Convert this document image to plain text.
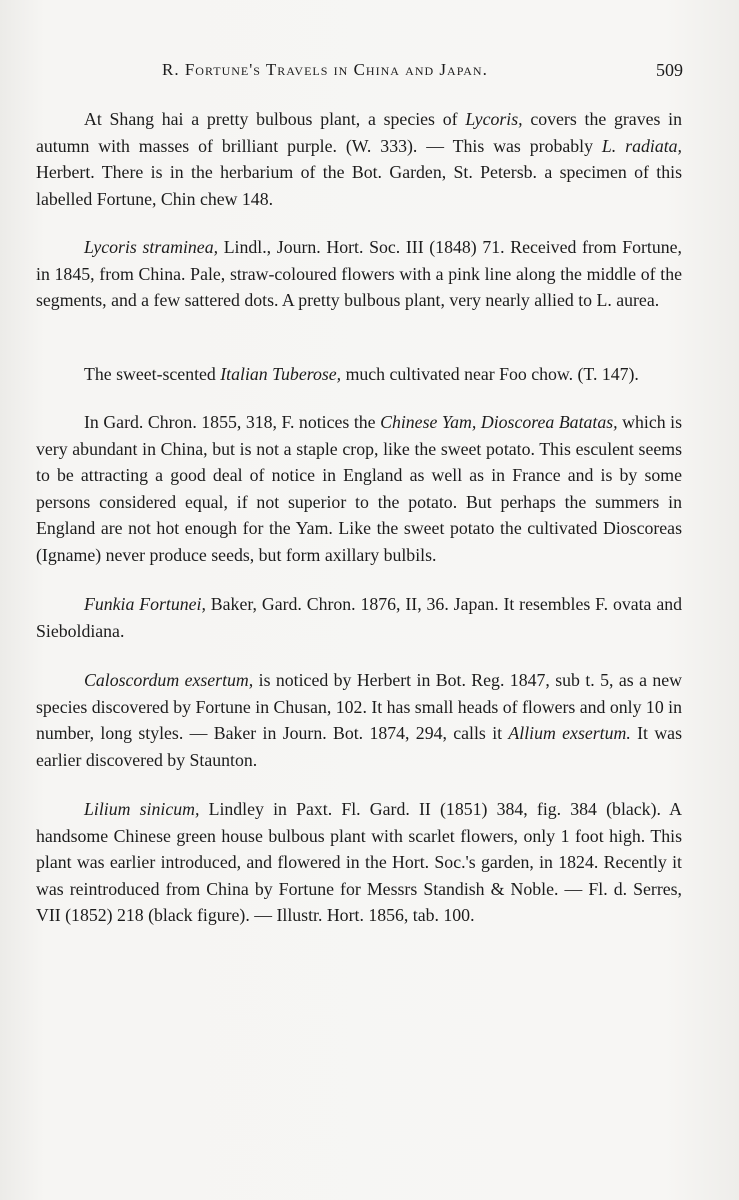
R. Fortune's Travels in China and Japan.	509

At Shang hai a pretty bulbous plant, a species of Lycoris, covers the graves in autumn with masses of brilliant purple. (W. 333). — This was probably L. radiata, Herbert. There is in the herbarium of the Bot. Garden, St. Petersb. a specimen of this labelled Fortune, Chin chew 148.

Lycoris straminea, Lindl., Journ. Hort. Soc. III (1848) 71. Received from Fortune, in 1845, from China. Pale, straw-coloured flowers with a pink line along the middle of the segments, and a few sattered dots. A pretty bulbous plant, very nearly allied to L. aurea.

The sweet-scented Italian Tuberose, much cultivated near Foo chow. (T. 147).

In Gard. Chron. 1855, 318, F. notices the Chinese Yam, Dioscorea Batatas, which is very abundant in China, but is not a staple crop, like the sweet potato. This esculent seems to be attracting a good deal of notice in England as well as in France and is by some persons considered equal, if not superior to the potato. But perhaps the summers in England are not hot enough for the Yam. Like the sweet potato the cultivated Dioscoreas (Igname) never produce seeds, but form axillary bulbils.

Funkia Fortunei, Baker, Gard. Chron. 1876, II, 36. Japan. It resembles F. ovata and Sieboldiana.

Caloscordum exsertum, is noticed by Herbert in Bot. Reg. 1847, sub t. 5, as a new species discovered by Fortune in Chusan, 102. It has small heads of flowers and only 10 in number, long styles. — Baker in Journ. Bot. 1874, 294, calls it Allium exsertum. It was earlier discovered by Staunton.

Lilium sinicum, Lindley in Paxt. Fl. Gard. II (1851) 384, fig. 384 (black). A handsome Chinese green house bulbous plant with scarlet flowers, only 1 foot high. This plant was earlier introduced, and flowered in the Hort. Soc.'s garden, in 1824. Recently it was reintroduced from China by Fortune for Messrs Standish & Noble. — Fl. d. Serres, VII (1852) 218 (black figure). — Illustr. Hort. 1856, tab. 100.
